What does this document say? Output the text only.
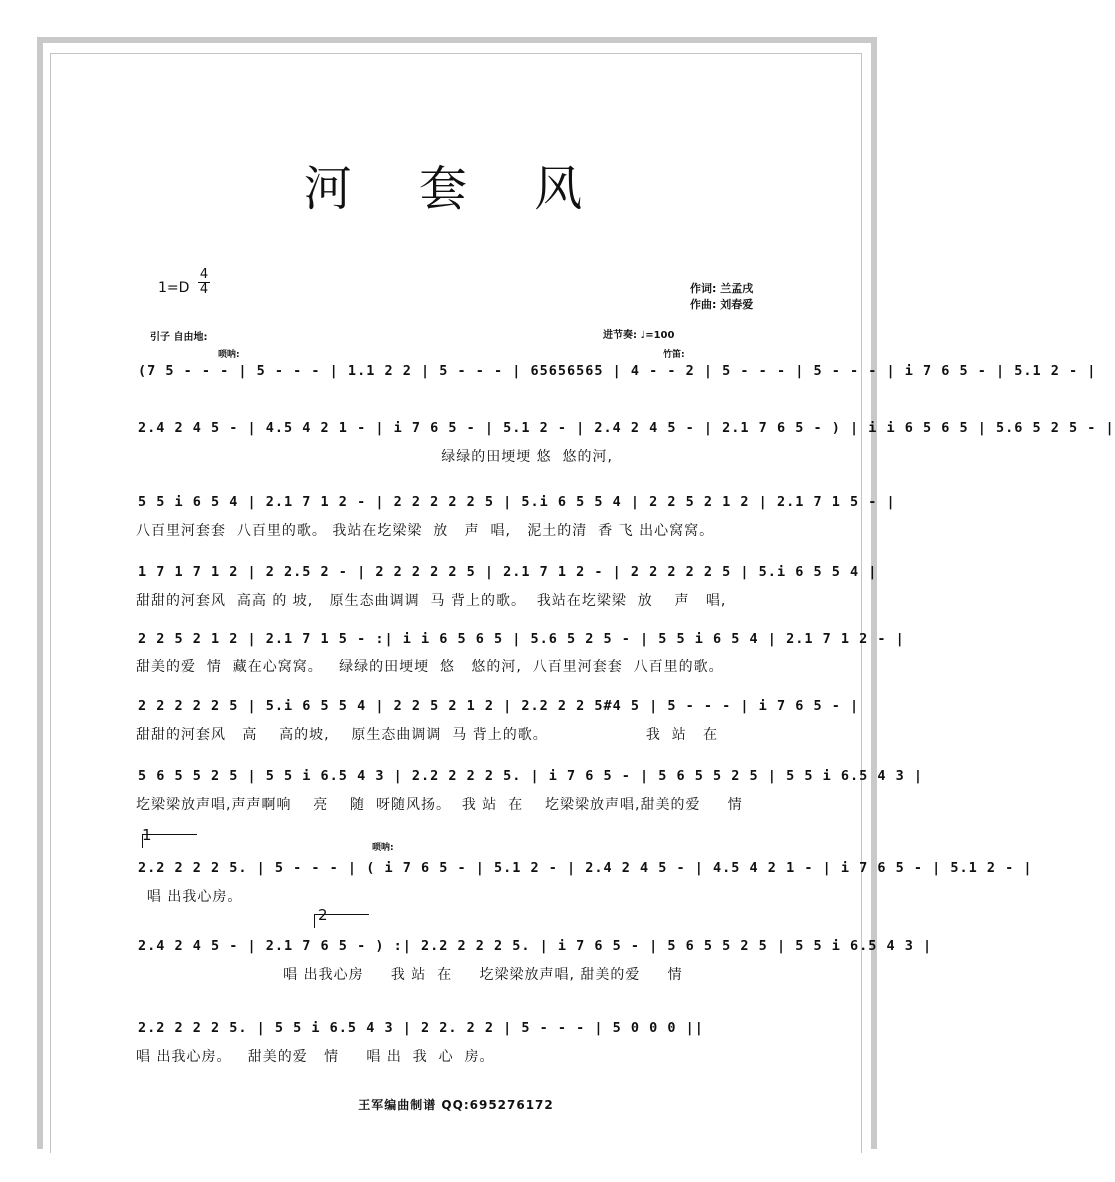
河 套 风
1=D
4
4	作词: 兰孟戌
作曲: 刘春爱
引子 自由地:	进节奏: ♩=100
唢呐:	竹笛:
唢呐:
(7 5 - - - | 5 - - - | 1.1 2 2 | 5 - - - | 65656565 | 4 - - 2 | 5 - - - | 5 - - - | i 7 6 5 - | 5.1 2 - |
2.4 2 4 5 - | 4.5 4 2 1 - | i 7 6 5 - | 5.1 2 - | 2.4 2 4 5 - | 2.1 7 6 5 - ) | i i 6 5 6 5 | 5.6 5 2 5 - |
绿绿的田埂埂 悠  悠的河,
5 5 i 6 5 4 | 2.1 7 1 2 - | 2 2 2 2 2 5 | 5.i 6 5 5 4 | 2 2 5 2 1 2 | 2.1 7 1 5 - |
八百里河套套  八百里的歌。 我站在圪梁梁  放   声  唱,   泥土的清  香 飞 出心窝窝。
1 7 1 7 1 2 | 2 2.5 2 - | 2 2 2 2 2 5 | 2.1 7 1 2 - | 2 2 2 2 2 5 | 5.i 6 5 5 4 |
甜甜的河套风  高高 的 坡,   原生态曲调调  马 背上的歌。  我站在圪梁梁  放    声   唱,
2 2 5 2 1 2 | 2.1 7 1 5 - :| i i 6 5 6 5 | 5.6 5 2 5 - | 5 5 i 6 5 4 | 2.1 7 1 2 - |
甜美的爱  情  藏在心窝窝。   绿绿的田埂埂  悠   悠的河,  八百里河套套  八百里的歌。
2 2 2 2 2 5 | 5.i 6 5 5 4 | 2 2 5 2 1 2 | 2.2 2 2 5#4 5 | 5 - - - | i 7 6 5 - |
甜甜的河套风   高    高的坡,    原生态曲调调  马 背上的歌。                  我  站   在
5 6 5 5 2 5 | 5 5 i 6.5 4 3 | 2.2 2 2 2 5. | i 7 6 5 - | 5 6 5 5 2 5 | 5 5 i 6.5 4 3 |
圪梁梁放声唱,声声啊响    亮    随  呀随风扬。  我 站  在    圪梁梁放声唱,甜美的爱     情
1
2.2 2 2 2 5. | 5 - - - | ( i 7 6 5 - | 5.1 2 - | 2.4 2 4 5 - | 4.5 4 2 1 - | i 7 6 5 - | 5.1 2 - |
唱 出我心房。
2
2.4 2 4 5 - | 2.1 7 6 5 - ) :| 2.2 2 2 2 5. | i 7 6 5 - | 5 6 5 5 2 5 | 5 5 i 6.5 4 3 |
唱 出我心房     我 站  在     圪梁梁放声唱, 甜美的爱     情
2.2 2 2 2 5. | 5 5 i 6.5 4 3 | 2 2. 2 2 | 5 - - - | 5 0 0 0 ||
唱 出我心房。   甜美的爱   情     唱 出  我  心  房。
王军编曲制谱 QQ:695276172
